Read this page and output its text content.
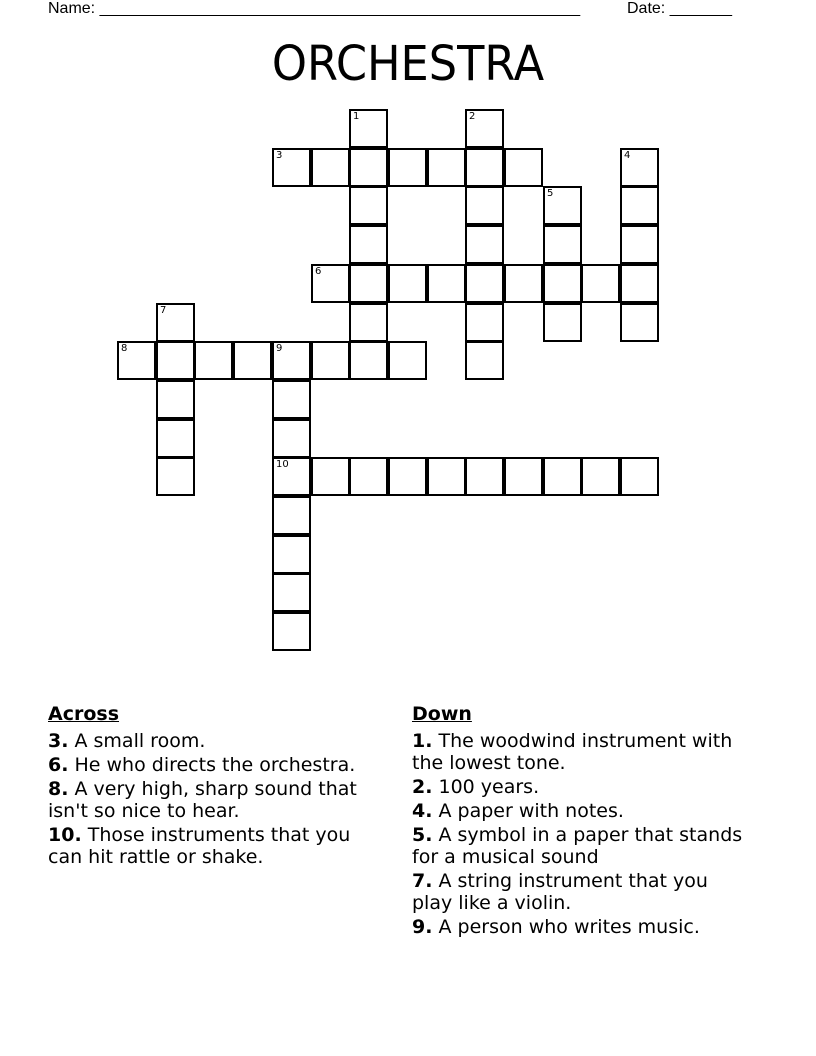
Name: ______________________________________________________	Date: _______
ORCHESTRA
1	2
3	4
5
6
7
8	9
10
Across
3. A small room.
6. He who directs the orchestra.
8. A very high, sharp sound that isn't so nice to hear.
10. Those instruments that you can hit rattle or shake.
Down
1. The woodwind instrument with the lowest tone.
2. 100 years.
4. A paper with notes.
5. A symbol in a paper that stands for a musical sound
7. A string instrument that you play like a violin.
9. A person who writes music.
